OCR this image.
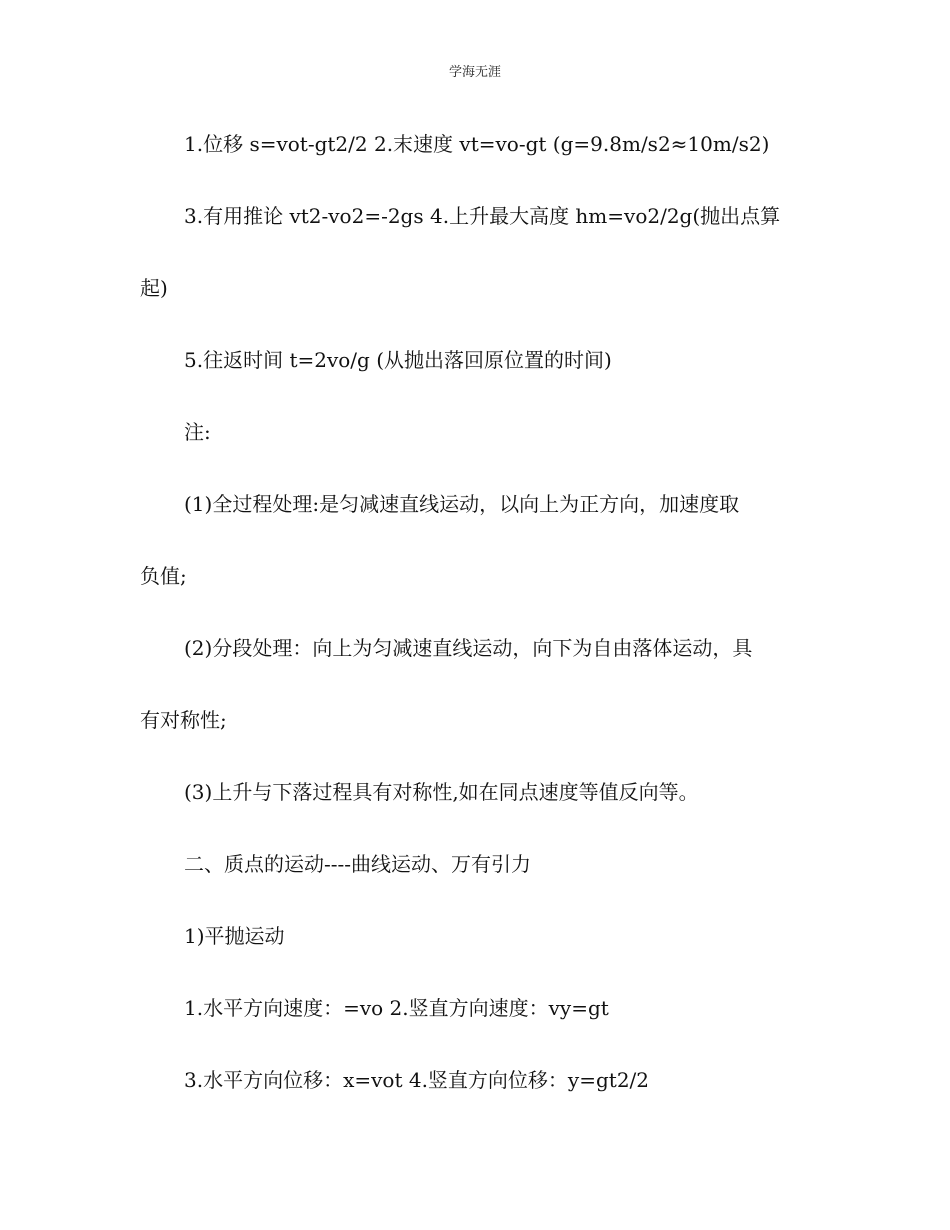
学海无涯
1.位移 s=vot-gt2/2 2.末速度 vt=vo-gt (g=9.8m/s2≈10m/s2)
3.有用推论 vt2-vo2=-2gs 4.上升最大高度 hm=vo2/2g(抛出点算
起)
5.往返时间 t=2vo/g (从抛出落回原位置的时间)
注:
(1)全过程处理:是匀减速直线运动，以向上为正方向，加速度取
负值;
(2)分段处理：向上为匀减速直线运动，向下为自由落体运动，具
有对称性;
(3)上升与下落过程具有对称性,如在同点速度等值反向等。
二、质点的运动----曲线运动、万有引力
1)平抛运动
1.水平方向速度：=vo 2.竖直方向速度：vy=gt
3.水平方向位移：x=vot 4.竖直方向位移：y=gt2/2
